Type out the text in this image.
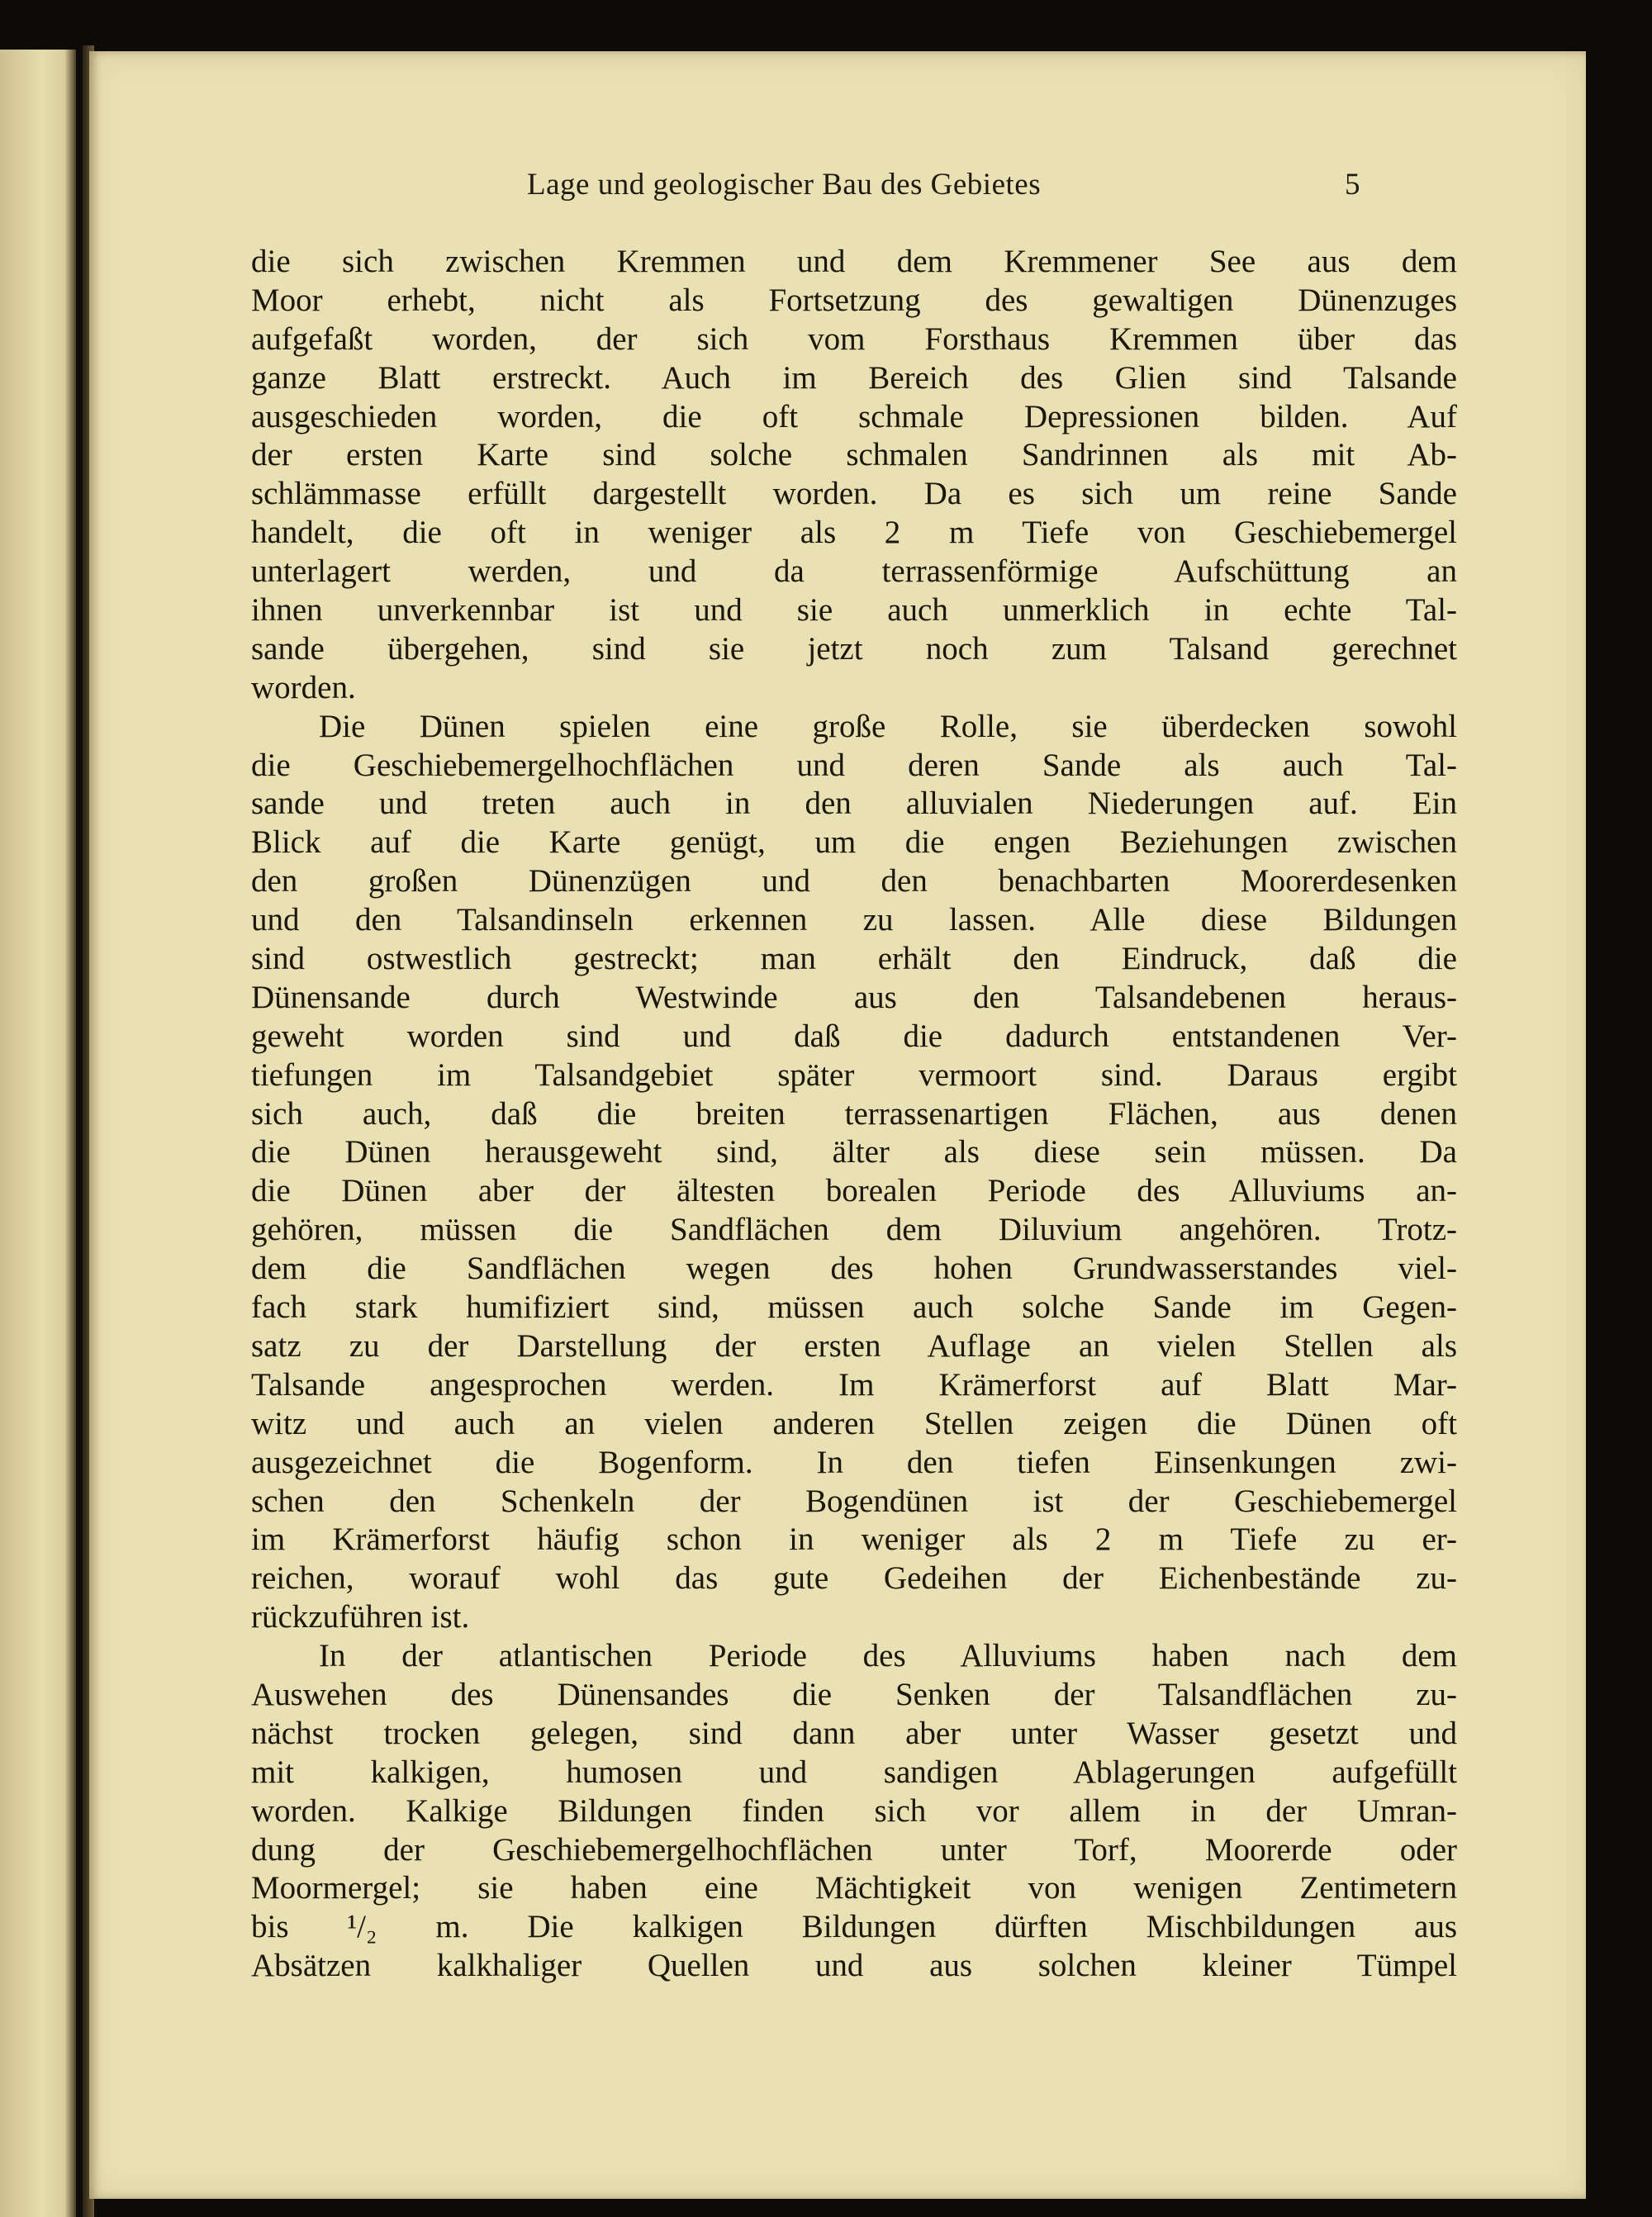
Lage und geologischer Bau des Gebietes	5
die sich zwischen Kremmen und dem Kremmener See aus dem
Moor erhebt, nicht als Fortsetzung des gewaltigen Dünenzuges
aufgefaßt worden, der sich vom Forsthaus Kremmen über das
ganze Blatt erstreckt. Auch im Bereich des Glien sind Talsande
ausgeschieden worden, die oft schmale Depressionen bilden. Auf
der ersten Karte sind solche schmalen Sandrinnen als mit Ab-
schlämmasse erfüllt dargestellt worden. Da es sich um reine Sande
handelt, die oft in weniger als 2 m Tiefe von Geschiebemergel
unterlagert werden, und da terrassenförmige Aufschüttung an
ihnen unverkennbar ist und sie auch unmerklich in echte Tal-
sande übergehen, sind sie jetzt noch zum Talsand gerechnet
worden.
Die Dünen spielen eine große Rolle, sie überdecken sowohl
die Geschiebemergelhochflächen und deren Sande als auch Tal-
sande und treten auch in den alluvialen Niederungen auf. Ein
Blick auf die Karte genügt, um die engen Beziehungen zwischen
den großen Dünenzügen und den benachbarten Moorerdesenken
und den Talsandinseln erkennen zu lassen. Alle diese Bildungen
sind ostwestlich gestreckt; man erhält den Eindruck, daß die
Dünensande durch Westwinde aus den Talsandebenen heraus-
geweht worden sind und daß die dadurch entstandenen Ver-
tiefungen im Talsandgebiet später vermoort sind. Daraus ergibt
sich auch, daß die breiten terrassenartigen Flächen, aus denen
die Dünen herausgeweht sind, älter als diese sein müssen. Da
die Dünen aber der ältesten borealen Periode des Alluviums an-
gehören, müssen die Sandflächen dem Diluvium angehören. Trotz-
dem die Sandflächen wegen des hohen Grundwasserstandes viel-
fach stark humifiziert sind, müssen auch solche Sande im Gegen-
satz zu der Darstellung der ersten Auflage an vielen Stellen als
Talsande angesprochen werden. Im Krämerforst auf Blatt Mar-
witz und auch an vielen anderen Stellen zeigen die Dünen oft
ausgezeichnet die Bogenform. In den tiefen Einsenkungen zwi-
schen den Schenkeln der Bogendünen ist der Geschiebemergel
im Krämerforst häufig schon in weniger als 2 m Tiefe zu er-
reichen, worauf wohl das gute Gedeihen der Eichenbestände zu-
rückzuführen ist.
In der atlantischen Periode des Alluviums haben nach dem
Auswehen des Dünensandes die Senken der Talsandflächen zu-
nächst trocken gelegen, sind dann aber unter Wasser gesetzt und
mit kalkigen, humosen und sandigen Ablagerungen aufgefüllt
worden. Kalkige Bildungen finden sich vor allem in der Umran-
dung der Geschiebemergelhochflächen unter Torf, Moorerde oder
Moormergel; sie haben eine Mächtigkeit von wenigen Zentimetern
bis ¹/₂ m. Die kalkigen Bildungen dürften Mischbildungen aus
Absätzen kalkhaliger Quellen und aus solchen kleiner Tümpel
